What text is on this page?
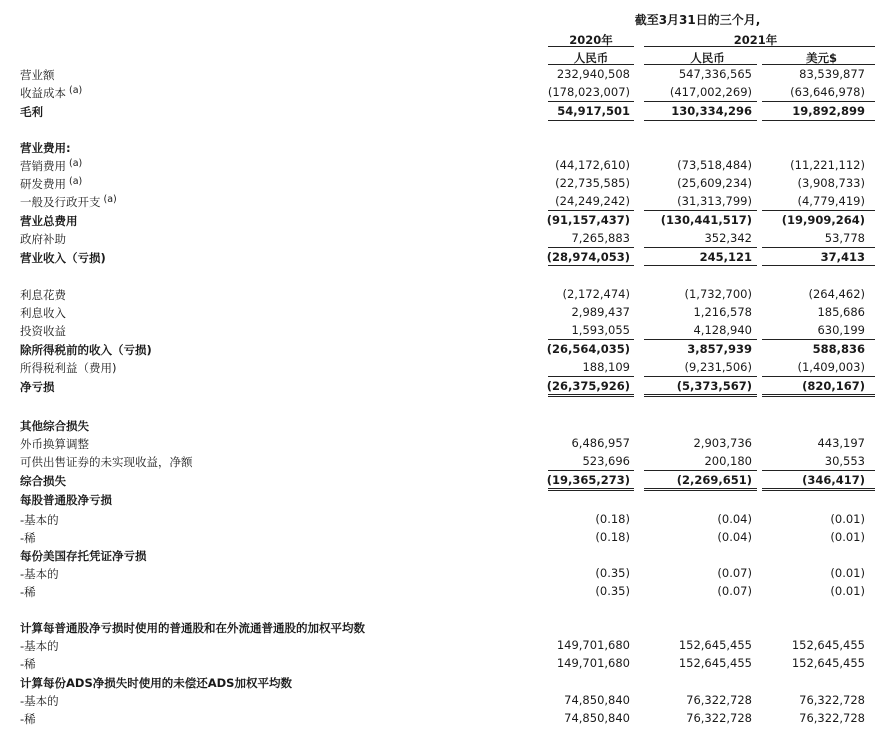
截至3月31日的三个月,
2020年	2021年
人民币	人民币	美元$
营业额	232,940,508	547,336,565	83,539,877
收益成本 $^{(a)}$	(178,023,007)	(417,002,269)	(63,646,978)
毛利	54,917,501	130,334,296	19,892,899
营业费用:
营销费用 $^{(a)}$	(44,172,610)	(73,518,484)	(11,221,112)
研发费用 $^{(a)}$	(22,735,585)	(25,609,234)	(3,908,733)
一般及行政开支 $^{(a)}$	(24,249,242)	(31,313,799)	(4,779,419)
营业总费用	(91,157,437)	(130,441,517)	(19,909,264)
政府补助	7,265,883	352,342	53,778
营业收入（亏损)	(28,974,053)	245,121	37,413
利息花费	(2,172,474)	(1,732,700)	(264,462)
利息收入	2,989,437	1,216,578	185,686
投资收益	1,593,055	4,128,940	630,199
除所得税前的收入（亏损)	(26,564,035)	3,857,939	588,836
所得税利益（费用)	188,109	(9,231,506)	(1,409,003)
净亏损	(26,375,926)	(5,373,567)	(820,167)
其他综合损失
外币换算调整	6,486,957	2,903,736	443,197
可供出售证券的未实现收益，净额	523,696	200,180	30,553
综合损失	(19,365,273)	(2,269,651)	(346,417)
每股普通股净亏损
-基本的	(0.18)	(0.04)	(0.01)
-稀	(0.18)	(0.04)	(0.01)
每份美国存托凭证净亏损
-基本的	(0.35)	(0.07)	(0.01)
-稀	(0.35)	(0.07)	(0.01)
计算每普通股净亏损时使用的普通股和在外流通普通股的加权平均数
-基本的	149,701,680	152,645,455	152,645,455
-稀	149,701,680	152,645,455	152,645,455
计算每份ADS净损失时使用的未偿还ADS加权平均数
-基本的	74,850,840	76,322,728	76,322,728
-稀	74,850,840	76,322,728	76,322,728
